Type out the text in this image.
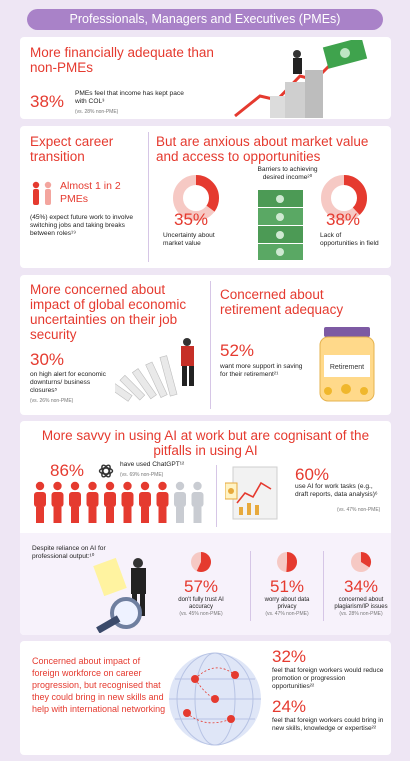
Professionals, Managers and Executives (PMEs)
More financially adequate than non-PMEs
38% PMEs feel that income has kept pace with COL³
(vs. 28% non-PME)
Expect career transition
Almost 1 in 2 PMEs
(45%) expect future work to involve switching jobs and taking breaks between roles¹⁹
But are anxious about market value and access to opportunities
35%
Uncertainty about market value
Barriers to achieving desired income²⁰
38%
Lack of opportunities in field
More concerned about impact of global economic uncertainties on their job security
30%
on high alert for economic downturns/ business closures⁵
(vs. 26% non-PME)
Concerned about retirement adequacy
52%
want more support in saving for their retirement²¹
Retirement
More savvy in using AI at work but are cognisant of the pitfalls in using AI
86%	have used ChatGPT¹²
(vs. 69% non-PME)	60%
use AI for work tasks (e.g., draft reports, data analysis)⁶
(vs. 47% non-PME)
Despite reliance on AI for professional output:¹⁰
57%
don't fully trust AI accuracy
(vs. 45% non-PME)
51%
worry about data privacy
(vs. 47% non-PME)
34%
concerned about plagiarism/IP issues
(vs. 28% non-PME)
Concerned about impact of foreign workforce on career progression, but recognised that they could bring in new skills and help with international networking
32%
feel that foreign workers would reduce promotion or progression opportunities²²
24%
feel that foreign workers could bring in new skills, knowledge or expertise²²
